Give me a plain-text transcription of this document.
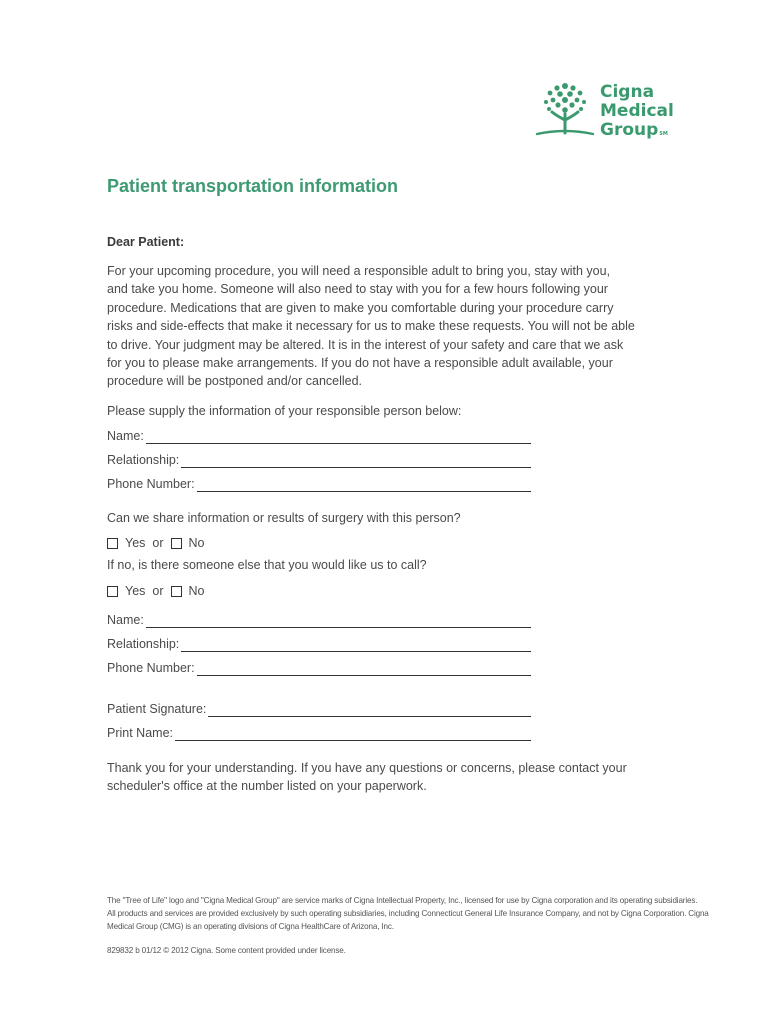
Cigna
Medical
GroupSM
Patient transportation information
Dear Patient:

For your upcoming procedure, you will need a responsible adult to bring you, stay with you,
and take you home. Someone will also need to stay with you for a few hours following your
procedure. Medications that are given to make you comfortable during your procedure carry
risks and side-effects that make it necessary for us to make these requests. You will not be able
to drive. Your judgment may be altered. It is in the interest of your safety and care that we ask
for you to please make arrangements. If you do not have a responsible adult available, your
procedure will be postponed and/or cancelled.

Please supply the information of your responsible person below:
Name:
Relationship:
Phone Number:
Can we share information or results of surgery with this person?
Yes or No
If no, is there someone else that you would like us to call?
Yes or No
Name:
Relationship:
Phone Number:
Patient Signature:
Print Name:

Thank you for your understanding. If you have any questions or concerns, please contact your
scheduler's office at the number listed on your paperwork.

The "Tree of Life" logo and "Cigna Medical Group" are service marks of Cigna Intellectual Property, Inc., licensed for use by Cigna corporation and its operating subsidiaries.
All products and services are provided exclusively by such operating subsidiaries, including Connecticut General Life Insurance Company, and not by Cigna Corporation. Cigna
Medical Group (CMG) is an operating divisions of Cigna HealthCare of Arizona, Inc.
829832 b 01/12 © 2012 Cigna. Some content provided under license.
